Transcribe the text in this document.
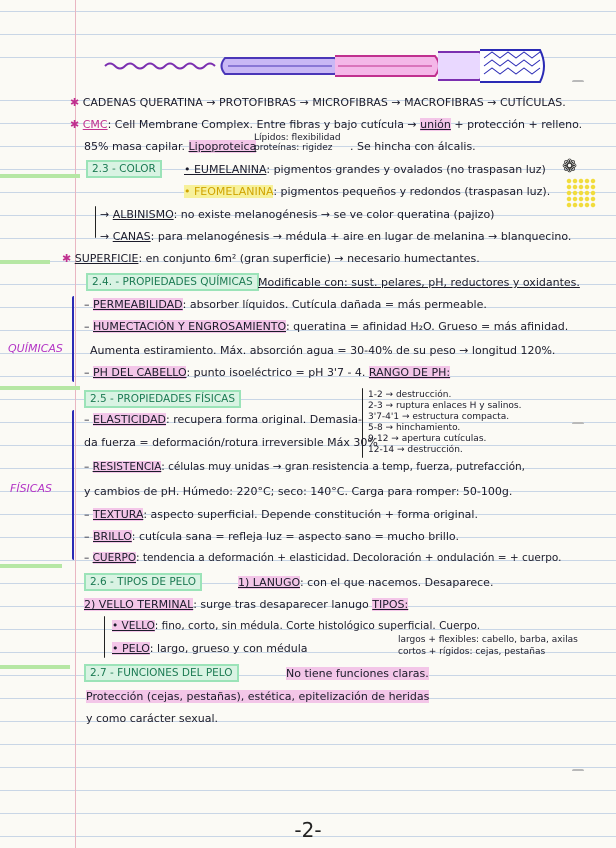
✱ CADENAS QUERATINA → PROTOFIBRAS → MICROFIBRAS → MACROFIBRAS → CUTÍCULAS.
✱ CMC: Cell Membrane Complex. Entre fibras y bajo cutícula → unión + protección + relleno.
85% masa capilar. Lipoproteica
Lípidos: flexibilidad
proteínas: rigidez . Se hincha con álcalis.
2.3 - COLOR	• EUMELANINA: pigmentos grandes y ovalados (no traspasan luz) ❁
• FEOMELANINA: pigmentos pequeños y redondos (traspasan luz).
→ ALBINISMO: no existe melanogénesis → se ve color queratina (pajizo)
→ CANAS: para melanogénesis → médula + aire en lugar de melanina → blanquecino.
✱ SUPERFICIE: en conjunto 6m² (gran superficie) → necesario humectantes.
2.4. - PROPIEDADES QUÍMICAS Modificable con: sust. pelares, pH, reductores y oxidantes.
QUÍMICAS
– PERMEABILIDAD: absorber líquidos. Cutícula dañada = más permeable.
– HUMECTACIÓN Y ENGROSAMIENTO: queratina = afinidad H₂O. Grueso = más afinidad.
Aumenta estiramiento. Máx. absorción agua = 30-40% de su peso → longitud 120%.
– PH DEL CABELLO: punto isoeléctrico = pH 3'7 - 4. RANGO DE PH:
2.5 - PROPIEDADES FÍSICAS	1-2 → destrucción.
2-3 → ruptura enlaces H y salinos.
3'7-4'1 → estructura compacta.
5-8 → hinchamiento.
9-12 → apertura cutículas.
12-14 → destrucción.
FÍSICAS
– ELASTICIDAD: recupera forma original. Demasia-
da fuerza = deformación/rotura irreversible Máx 30%
– RESISTENCIA: células muy unidas → gran resistencia a temp, fuerza, putrefacción,
y cambios de pH. Húmedo: 220°C; seco: 140°C. Carga para romper: 50-100g.
– TEXTURA: aspecto superficial. Depende constitución + forma original.
– BRILLO: cutícula sana = refleja luz = aspecto sano = mucho brillo.
– CUERPO: tendencia a deformación + elasticidad. Decoloración + ondulación = + cuerpo.
2.6 - TIPOS DE PELO	1) LANUGO: con el que nacemos. Desaparece.
2) VELLO TERMINAL: surge tras desaparecer lanugo TIPOS:
• VELLO: fino, corto, sin médula. Corte histológico superficial. Cuerpo.
• PELO: largo, grueso y con médula
largos + flexibles: cabello, barba, axilas
cortos + rígidos: cejas, pestañas
2.7 - FUNCIONES DEL PELO	No tiene funciones claras.
Protección (cejas, pestañas), estética, epitelización de heridas
y como carácter sexual.
-2-
